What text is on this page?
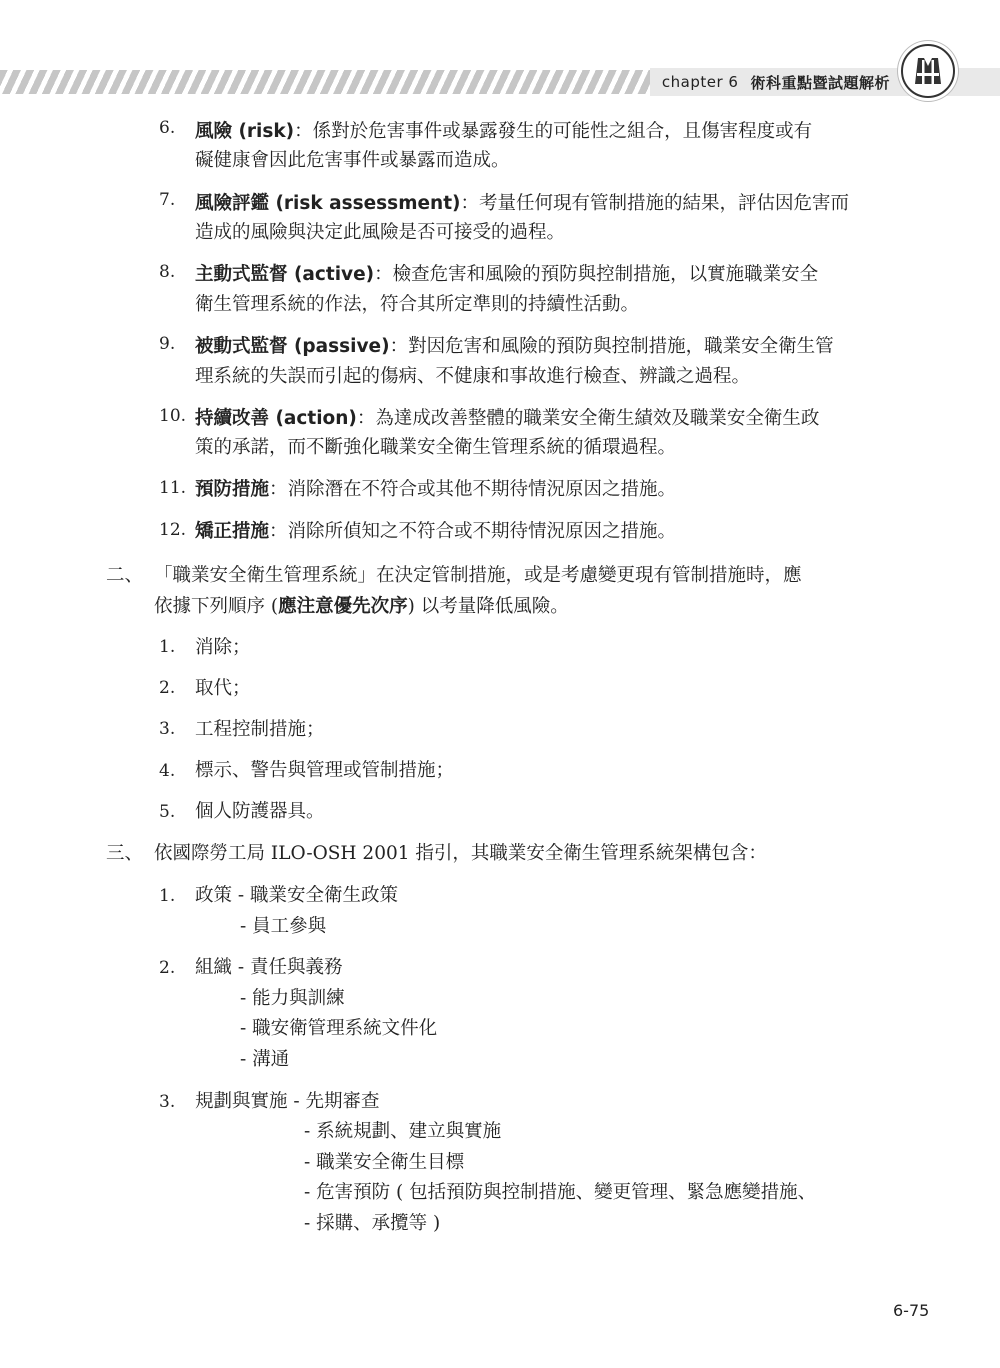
chapter 6 術科重點暨試題解析
6. 風險 (risk)：係對於危害事件或暴露發生的可能性之組合，且傷害程度或有
礙健康會因此危害事件或暴露而造成。
7. 風險評鑑 (risk assessment)：考量任何現有管制措施的結果，評估因危害而
造成的風險與決定此風險是否可接受的過程。
8. 主動式監督 (active)：檢查危害和風險的預防與控制措施，以實施職業安全
衛生管理系統的作法，符合其所定準則的持續性活動。
9. 被動式監督 (passive)：對因危害和風險的預防與控制措施，職業安全衛生管
理系統的失誤而引起的傷病、不健康和事故進行檢查、辨識之過程。
10. 持續改善 (action)：為達成改善整體的職業安全衛生績效及職業安全衛生政
策的承諾，而不斷強化職業安全衛生管理系統的循環過程。
11. 預防措施：消除潛在不符合或其他不期待情況原因之措施。
12. 矯正措施：消除所偵知之不符合或不期待情況原因之措施。
二、 「職業安全衛生管理系統」在決定管制措施，或是考慮變更現有管制措施時，應
依據下列順序 (應注意優先次序) 以考量降低風險。
1. 消除；
2. 取代；
3. 工程控制措施；
4. 標示、警告與管理或管制措施；
5. 個人防護器具。
三、 依國際勞工局 ILO-OSH 2001 指引，其職業安全衛生管理系統架構包含：
1. 政策 - 職業安全衛生政策
- 員工參與
2. 組織 - 責任與義務
- 能力與訓練
- 職安衛管理系統文件化
- 溝通
3. 規劃與實施 - 先期審查
- 系統規劃、建立與實施
- 職業安全衛生目標
- 危害預防 ( 包括預防與控制措施、變更管理、緊急應變措施、
- 採購、承攬等 )
6-75
